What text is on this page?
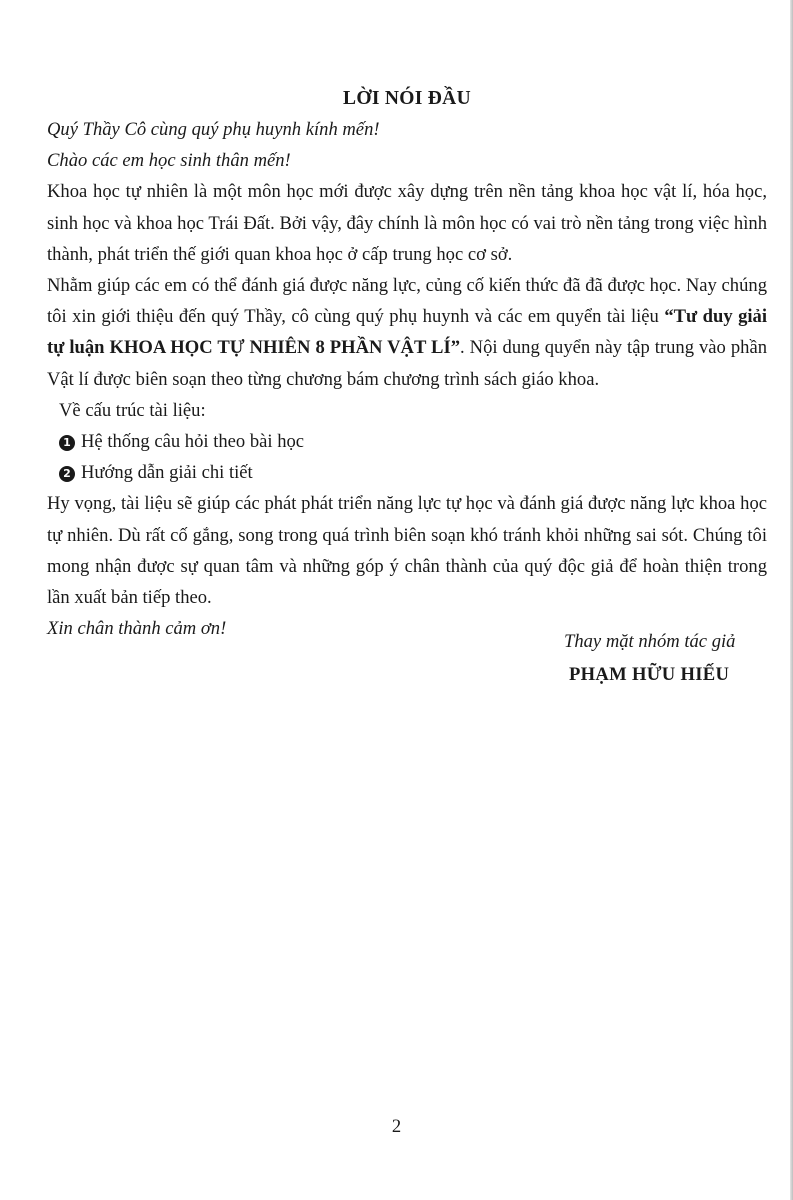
LỜI NÓI ĐẦU

Quý Thầy Cô cùng quý phụ huynh kính mến!

Chào các em học sinh thân mến!

Khoa học tự nhiên là một môn học mới được xây dựng trên nền tảng khoa học vật lí, hóa học, sinh học và khoa học Trái Đất. Bởi vậy, đây chính là môn học có vai trò nền tảng trong việc hình thành, phát triển thế giới quan khoa học ở cấp trung học cơ sở.

Nhằm giúp các em có thể đánh giá được năng lực, củng cố kiến thức đã đã được học. Nay chúng tôi xin giới thiệu đến quý Thầy, cô cùng quý phụ huynh và các em quyển tài liệu “Tư duy giải tự luận KHOA HỌC TỰ NHIÊN 8 PHẦN VẬT LÍ”. Nội dung quyển này tập trung vào phần Vật lí được biên soạn theo từng chương bám chương trình sách giáo khoa.

Về cấu trúc tài liệu:

1 Hệ thống câu hỏi theo bài học

2 Hướng dẫn giải chi tiết

Hy vọng, tài liệu sẽ giúp các phát phát triển năng lực tự học và đánh giá được năng lực khoa học tự nhiên. Dù rất cố gắng, song trong quá trình biên soạn khó tránh khỏi những sai sót. Chúng tôi mong nhận được sự quan tâm và những góp ý chân thành của quý độc giả để hoàn thiện trong lần xuất bản tiếp theo.

Xin chân thành cảm ơn!

Thay mặt nhóm tác giả
PHẠM HỮU HIẾU
2
